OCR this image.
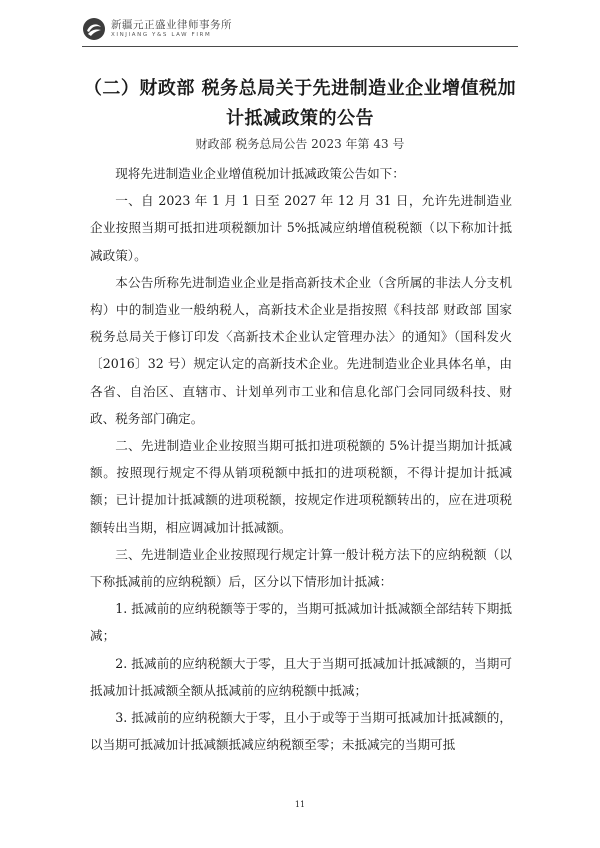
新疆元正盛业律师事务所
XINJIANG Y&S LAW FIRM
（二）财政部 税务总局关于先进制造业企业增值税加计抵减政策的公告
财政部 税务总局公告 2023 年第 43 号

现将先进制造业企业增值税加计抵减政策公告如下：

一、自 2023 年 1 月 1 日至 2027 年 12 月 31 日，允许先进制造业企业按照当期可抵扣进项税额加计 5%抵减应纳增值税税额（以下称加计抵减政策）。

本公告所称先进制造业企业是指高新技术企业（含所属的非法人分支机构）中的制造业一般纳税人，高新技术企业是指按照《科技部 财政部 国家税务总局关于修订印发〈高新技术企业认定管理办法〉的通知》（国科发火〔2016〕32 号）规定认定的高新技术企业。先进制造业企业具体名单，由各省、自治区、直辖市、计划单列市工业和信息化部门会同同级科技、财政、税务部门确定。

二、先进制造业企业按照当期可抵扣进项税额的 5%计提当期加计抵减额。按照现行规定不得从销项税额中抵扣的进项税额，不得计提加计抵减额；已计提加计抵减额的进项税额，按规定作进项税额转出的，应在进项税额转出当期，相应调减加计抵减额。

三、先进制造业企业按照现行规定计算一般计税方法下的应纳税额（以下称抵减前的应纳税额）后，区分以下情形加计抵减：

1. 抵减前的应纳税额等于零的，当期可抵减加计抵减额全部结转下期抵减；

2. 抵减前的应纳税额大于零，且大于当期可抵减加计抵减额的，当期可抵减加计抵减额全额从抵减前的应纳税额中抵减；

3. 抵减前的应纳税额大于零，且小于或等于当期可抵减加计抵减额的，以当期可抵减加计抵减额抵减应纳税额至零；未抵减完的当期可抵

11
